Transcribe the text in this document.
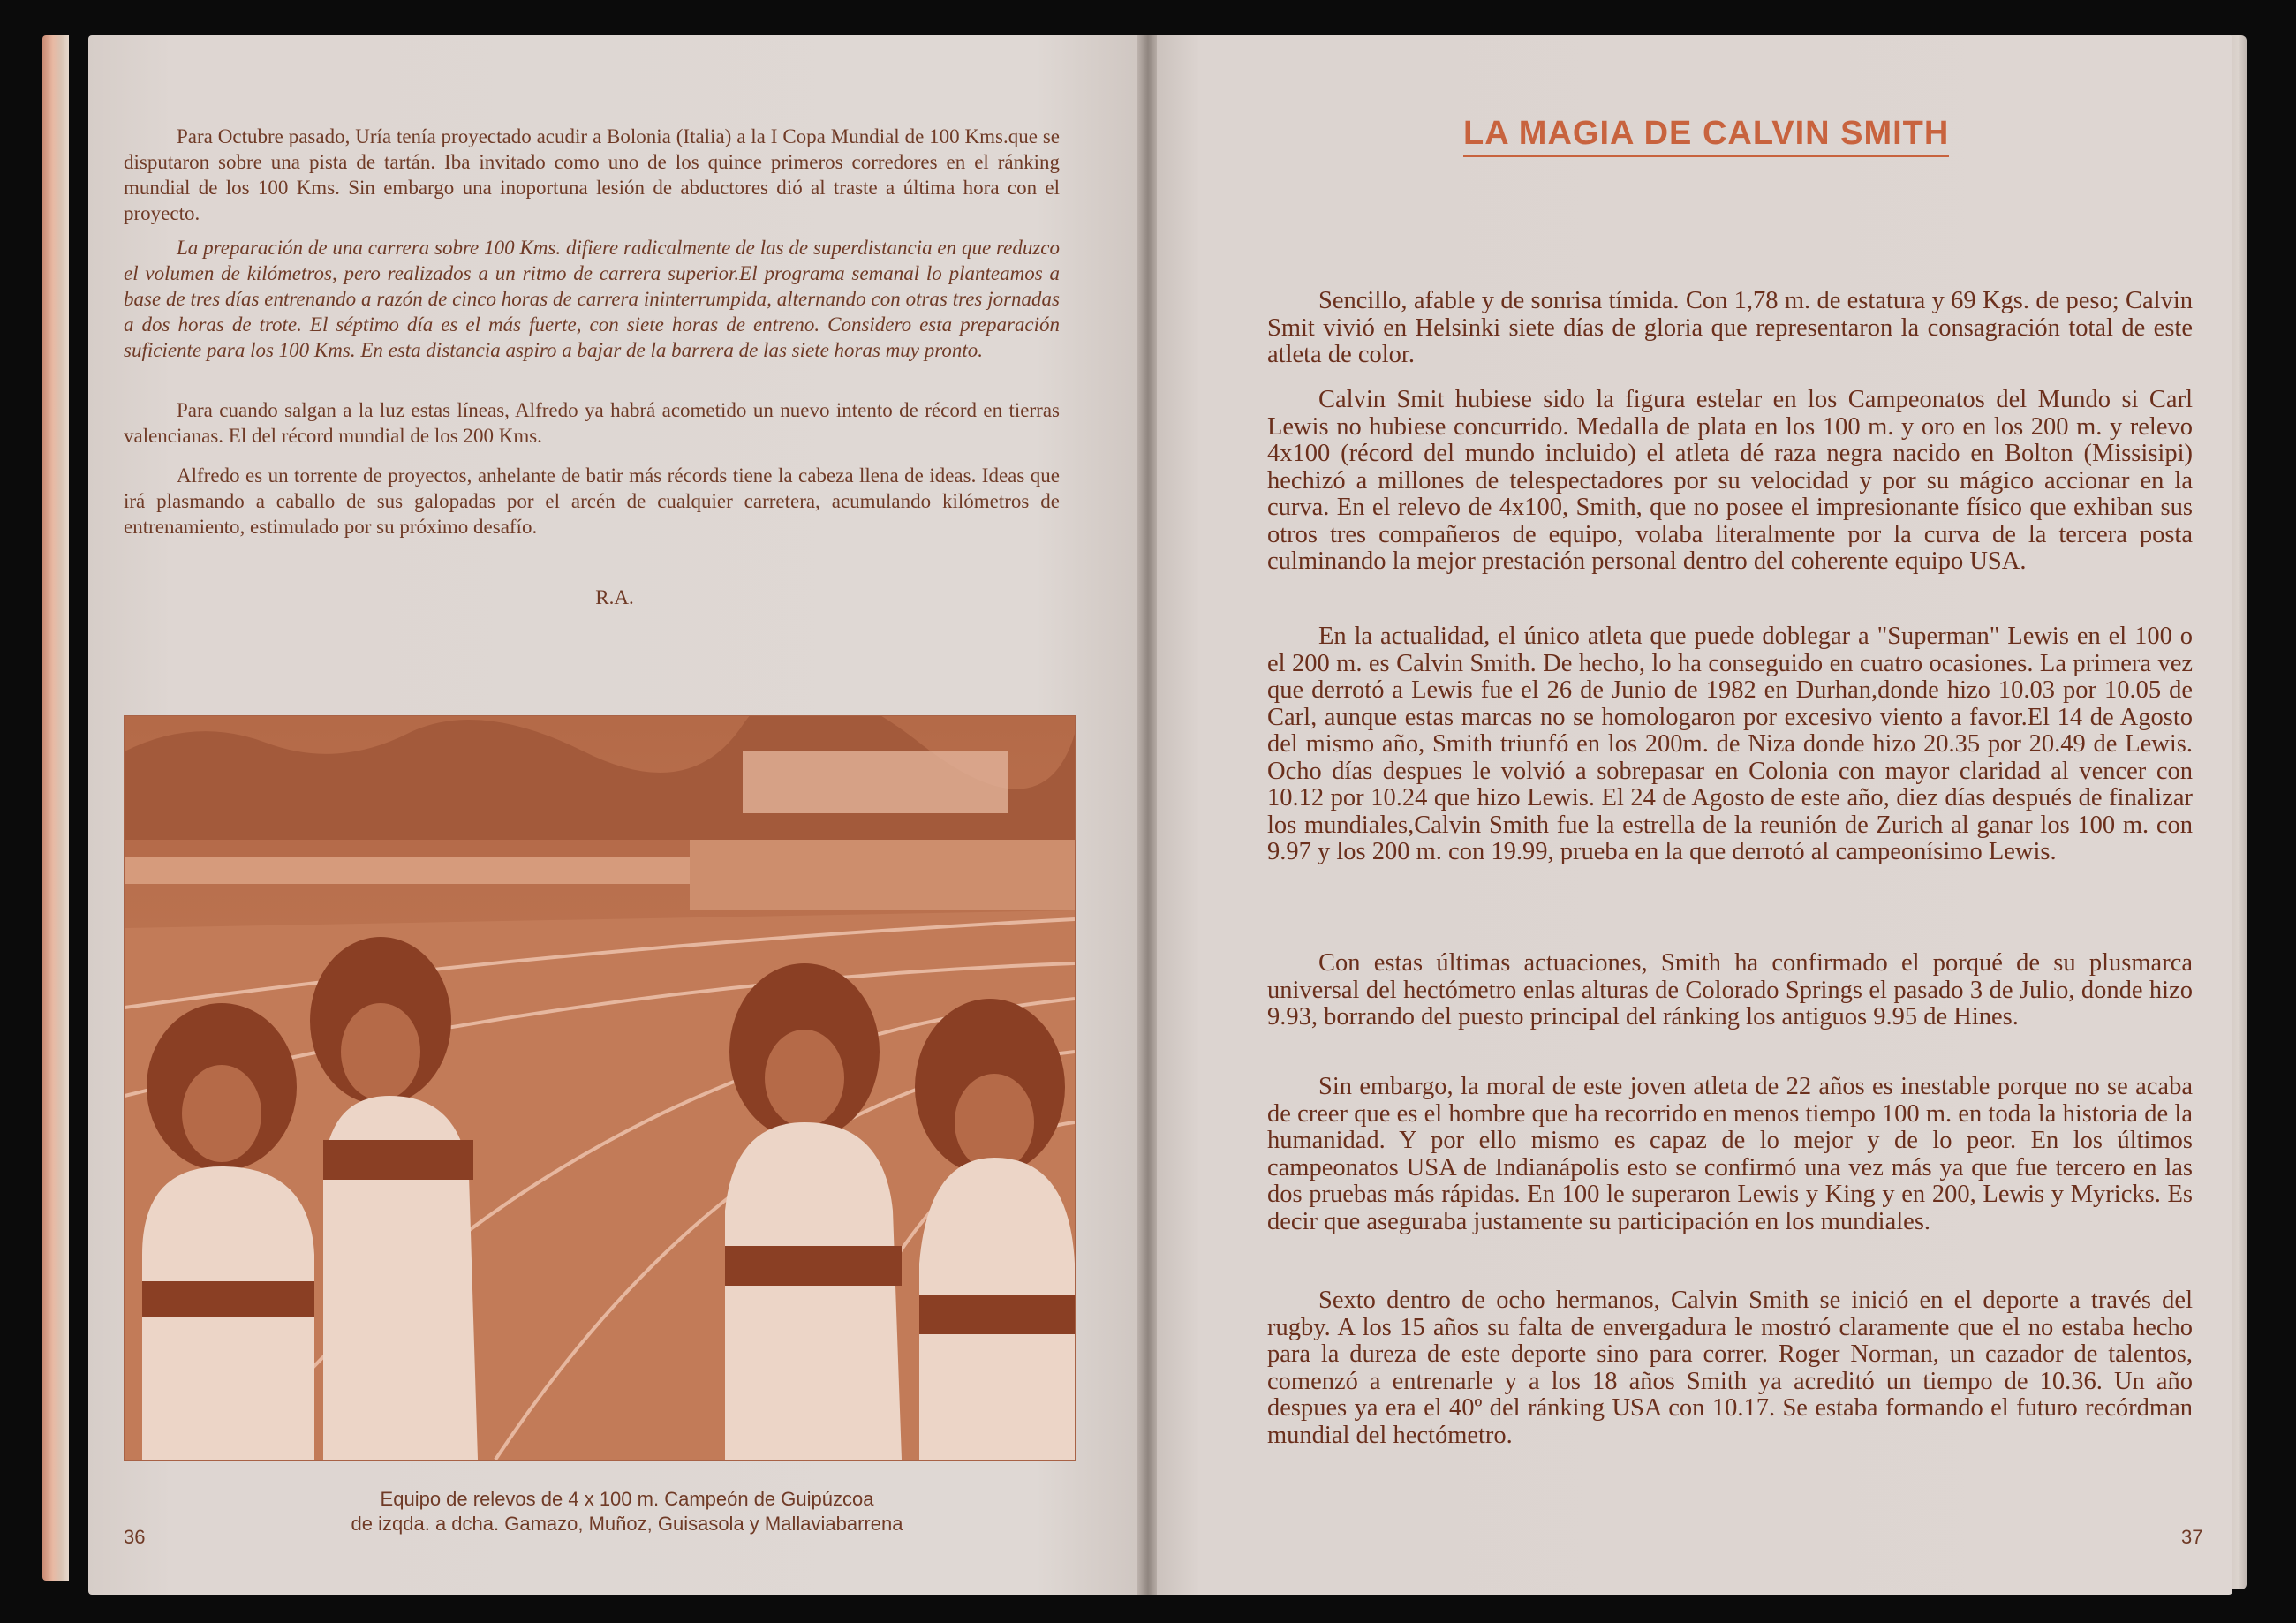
Para Octubre pasado, Uría tenía proyectado acudir a Bolonia (Italia) a la I Copa Mundial de 100 Kms.que se disputaron sobre una pista de tartán. Iba invitado como uno de los quince primeros corredores en el ránking mundial de los 100 Kms. Sin embargo una inoportuna lesión de abductores dió al traste a última hora con el proyecto.

La preparación de una carrera sobre 100 Kms. difiere radicalmente de las de superdistancia en que reduzco el volumen de kilómetros, pero realizados a un ritmo de carrera superior.El programa semanal lo planteamos a base de tres días entrenando a razón de cinco horas de carrera ininterrumpida, alternando con otras tres jornadas a dos horas de trote. El séptimo día es el más fuerte, con siete horas de entreno. Considero esta preparación suficiente para los 100 Kms. En esta distancia aspiro a bajar de la barrera de las siete horas muy pronto.

Para cuando salgan a la luz estas líneas, Alfredo ya habrá acometido un nuevo intento de récord en tierras valencianas. El del récord mundial de los 200 Kms.

Alfredo es un torrente de proyectos, anhelante de batir más récords tiene la cabeza llena de ideas. Ideas que irá plasmando a caballo de sus galopadas por el arcén de cualquier carretera, acumulando kilómetros de entrenamiento, estimulado por su próximo desafío.

R.A.
Equipo de relevos de 4 x 100 m. Campeón de Guipúzcoa
de izqda. a dcha. Gamazo, Muñoz, Guisasola y Mallaviabarrena
36
LA MAGIA DE CALVIN SMITH

Sencillo, afable y de sonrisa tímida. Con 1,78 m. de estatura y 69 Kgs. de peso; Calvin Smit vivió en Helsinki siete días de gloria que representaron la consagración total de este atleta de color.

Calvin Smit hubiese sido la figura estelar en los Campeonatos del Mundo si Carl Lewis no hubiese concurrido. Medalla de plata en los 100 m. y oro en los 200 m. y relevo 4x100 (récord del mundo incluido) el atleta dé raza negra nacido en Bolton (Missisipi) hechizó a millones de telespectadores por su velocidad y por su mágico accionar en la curva. En el relevo de 4x100, Smith, que no posee el impresionante físico que exhiban sus otros tres compañeros de equipo, volaba literalmente por la curva de la tercera posta culminando la mejor prestación personal dentro del coherente equipo USA.

En la actualidad, el único atleta que puede doblegar a "Superman" Lewis en el 100 o el 200 m. es Calvin Smith. De hecho, lo ha conseguido en cuatro ocasiones. La primera vez que derrotó a Lewis fue el 26 de Junio de 1982 en Durhan,donde hizo 10.03 por 10.05 de Carl, aunque estas marcas no se homologaron por excesivo viento a favor.El 14 de Agosto del mismo año, Smith triunfó en los 200m. de Niza donde hizo 20.35 por 20.49 de Lewis. Ocho días despues le volvió a sobrepasar en Colonia con mayor claridad al vencer con 10.12 por 10.24 que hizo Lewis. El 24 de Agosto de este año, diez días después de finalizar los mundiales,Calvin Smith fue la estrella de la reunión de Zurich al ganar los 100 m. con 9.97 y los 200 m. con 19.99, prueba en la que derrotó al campeonísimo Lewis.

Con estas últimas actuaciones, Smith ha confirmado el porqué de su plusmarca universal del hectómetro enlas alturas de Colorado Springs el pasado 3 de Julio, donde hizo 9.93, borrando del puesto principal del ránking los antiguos 9.95 de Hines.

Sin embargo, la moral de este joven atleta de 22 años es inestable porque no se acaba de creer que es el hombre que ha recorrido en menos tiempo 100 m. en toda la historia de la humanidad. Y por ello mismo es capaz de lo mejor y de lo peor. En los últimos campeonatos USA de Indianápolis esto se confirmó una vez más ya que fue tercero en las dos pruebas más rápidas. En 100 le superaron Lewis y King y en 200, Lewis y Myricks. Es decir que aseguraba justamente su participación en los mundiales.

Sexto dentro de ocho hermanos, Calvin Smith se inició en el deporte a través del rugby. A los 15 años su falta de envergadura le mostró claramente que el no estaba hecho para la dureza de este deporte sino para correr. Roger Norman, un cazador de talentos, comenzó a entrenarle y a los 18 años Smith ya acreditó un tiempo de 10.36. Un año despues ya era el 40º del ránking USA con 10.17. Se estaba formando el futuro recórdman mundial del hectómetro.

37
